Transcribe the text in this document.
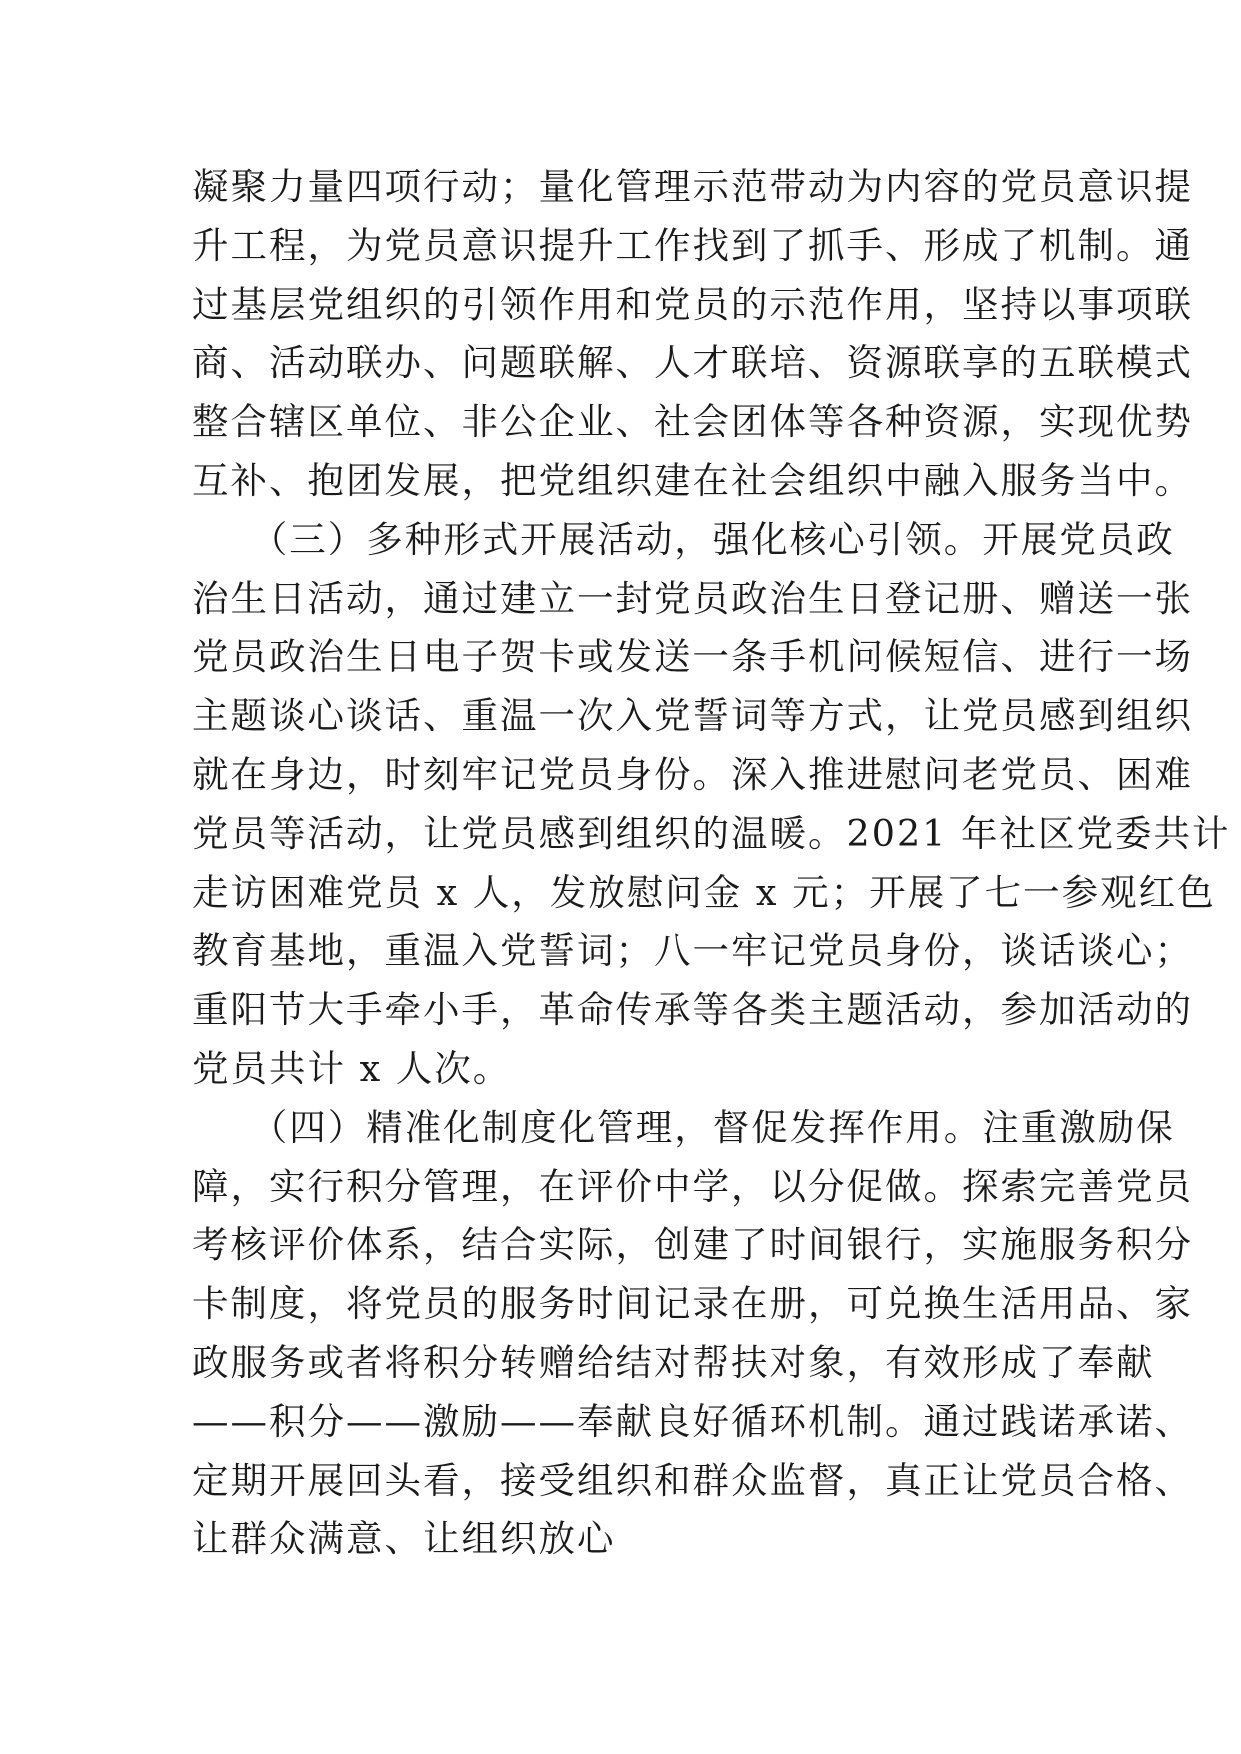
凝聚力量四项行动；量化管理示范带动为内容的党员意识提
升工程，为党员意识提升工作找到了抓手、形成了机制。通
过基层党组织的引领作用和党员的示范作用，坚持以事项联
商、活动联办、问题联解、人才联培、资源联享的五联模式
整合辖区单位、非公企业、社会团体等各种资源，实现优势
互补、抱团发展，把党组织建在社会组织中融入服务当中。
　　（三）多种形式开展活动，强化核心引领。开展党员政
治生日活动，通过建立一封党员政治生日登记册、赠送一张
党员政治生日电子贺卡或发送一条手机问候短信、进行一场
主题谈心谈话、重温一次入党誓词等方式，让党员感到组织
就在身边，时刻牢记党员身份。深入推进慰问老党员、困难
党员等活动，让党员感到组织的温暖。2021 年社区党委共计
走访困难党员 x 人，发放慰问金 x 元；开展了七一参观红色
教育基地，重温入党誓词；八一牢记党员身份，谈话谈心；
重阳节大手牵小手，革命传承等各类主题活动，参加活动的
党员共计 x 人次。
　　（四）精准化制度化管理，督促发挥作用。注重激励保
障，实行积分管理，在评价中学，以分促做。探索完善党员
考核评价体系，结合实际，创建了时间银行，实施服务积分
卡制度，将党员的服务时间记录在册，可兑换生活用品、家
政服务或者将积分转赠给结对帮扶对象，有效形成了奉献
——积分——激励——奉献良好循环机制。通过践诺承诺、
定期开展回头看，接受组织和群众监督，真正让党员合格、
让群众满意、让组织放心
